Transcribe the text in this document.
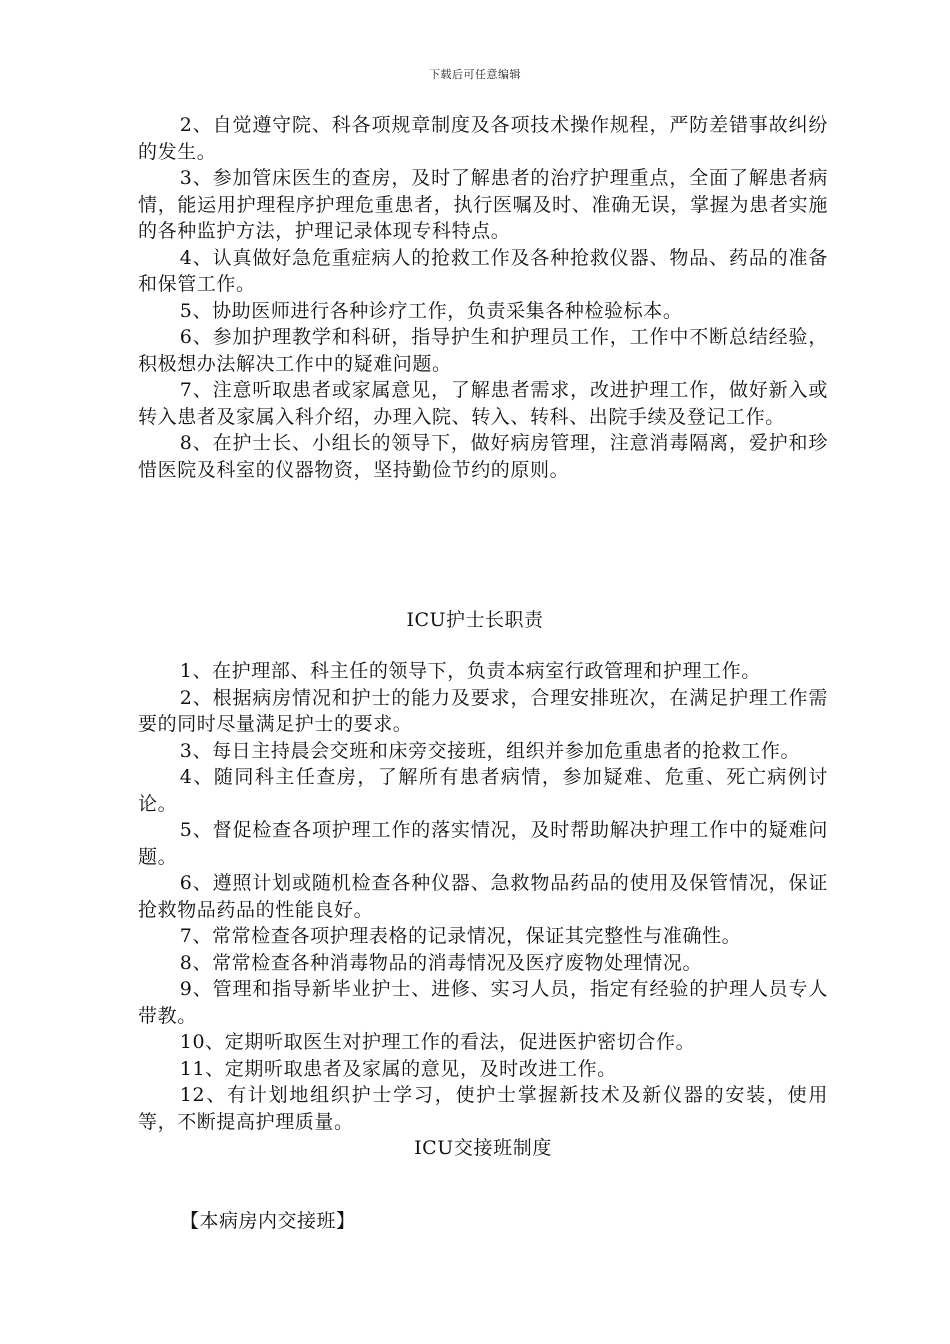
下载后可任意编辑

2、自觉遵守院、科各项规章制度及各项技术操作规程，严防差错事故纠纷的发生。

3、参加管床医生的查房，及时了解患者的治疗护理重点，全面了解患者病情，能运用护理程序护理危重患者，执行医嘱及时、准确无误，掌握为患者实施的各种监护方法，护理记录体现专科特点。

4、认真做好急危重症病人的抢救工作及各种抢救仪器、物品、药品的准备和保管工作。

5、协助医师进行各种诊疗工作，负责采集各种检验标本。

6、参加护理教学和科研，指导护生和护理员工作，工作中不断总结经验，积极想办法解决工作中的疑难问题。

7、注意听取患者或家属意见，了解患者需求，改进护理工作，做好新入或转入患者及家属入科介绍，办理入院、转入、转科、出院手续及登记工作。

8、在护士长、小组长的领导下，做好病房管理，注意消毒隔离，爱护和珍惜医院及科室的仪器物资，坚持勤俭节约的原则。

ICU护士长职责

1、在护理部、科主任的领导下，负责本病室行政管理和护理工作。

2、根据病房情况和护士的能力及要求，合理安排班次，在满足护理工作需要的同时尽量满足护士的要求。

3、每日主持晨会交班和床旁交接班，组织并参加危重患者的抢救工作。

4、随同科主任查房，了解所有患者病情，参加疑难、危重、死亡病例讨论。

5、督促检查各项护理工作的落实情况，及时帮助解决护理工作中的疑难问题。

6、遵照计划或随机检查各种仪器、急救物品药品的使用及保管情况，保证抢救物品药品的性能良好。

7、常常检查各项护理表格的记录情况，保证其完整性与准确性。

8、常常检查各种消毒物品的消毒情况及医疗废物处理情况。

9、管理和指导新毕业护士、进修、实习人员，指定有经验的护理人员专人带教。

10、定期听取医生对护理工作的看法，促进医护密切合作。

11、定期听取患者及家属的意见，及时改进工作。

12、有计划地组织护士学习，使护士掌握新技术及新仪器的安装，使用等，不断提高护理质量。

ICU交接班制度

【本病房内交接班】
